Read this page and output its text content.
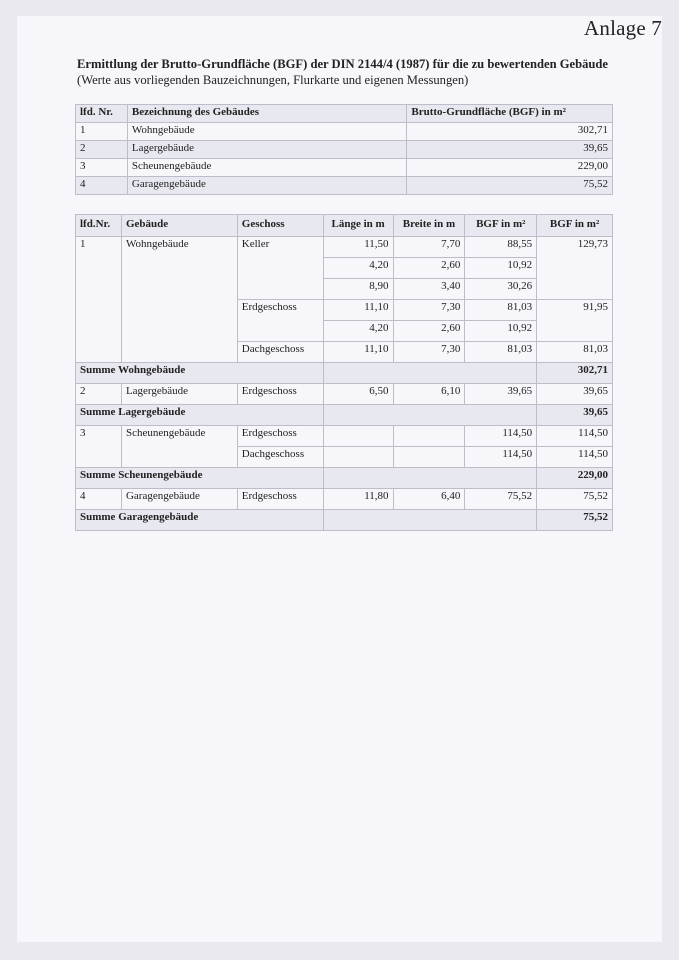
Anlage 7
Ermittlung der Brutto-Grundfläche (BGF) der DIN 2144/4 (1987) für die zu bewertenden Gebäude (Werte aus vorliegenden Bauzeichnungen, Flurkarte und eigenen Messungen)
lfd. Nr.	Bezeichnung des Gebäudes	Brutto-Grundfläche (BGF) in m²
1	Wohngebäude	302,71
2	Lagergebäude	39,65
3	Scheunengebäude	229,00
4	Garagengebäude	75,52
lfd.Nr.	Gebäude	Geschoss	Länge in m	Breite in m	BGF in m²	BGF in m²
1	Wohngebäude	Keller	11,50	7,70	88,55	129,73
			4,20	2,60	10,92	
			8,90	3,40	30,26	
		Erdgeschoss	11,10	7,30	81,03	91,95
			4,20	2,60	10,92	
		Dachgeschoss	11,10	7,30	81,03	81,03
Summe Wohngebäude						302,71
2	Lagergebäude	Erdgeschoss	6,50	6,10	39,65	39,65
Summe Lagergebäude						39,65
3	Scheunengebäude	Erdgeschoss			114,50	114,50
		Dachgeschoss			114,50	114,50
Summe Scheunengebäude						229,00
4	Garagengebäude	Erdgeschoss	11,80	6,40	75,52	75,52
Summe Garagengebäude						75,52
